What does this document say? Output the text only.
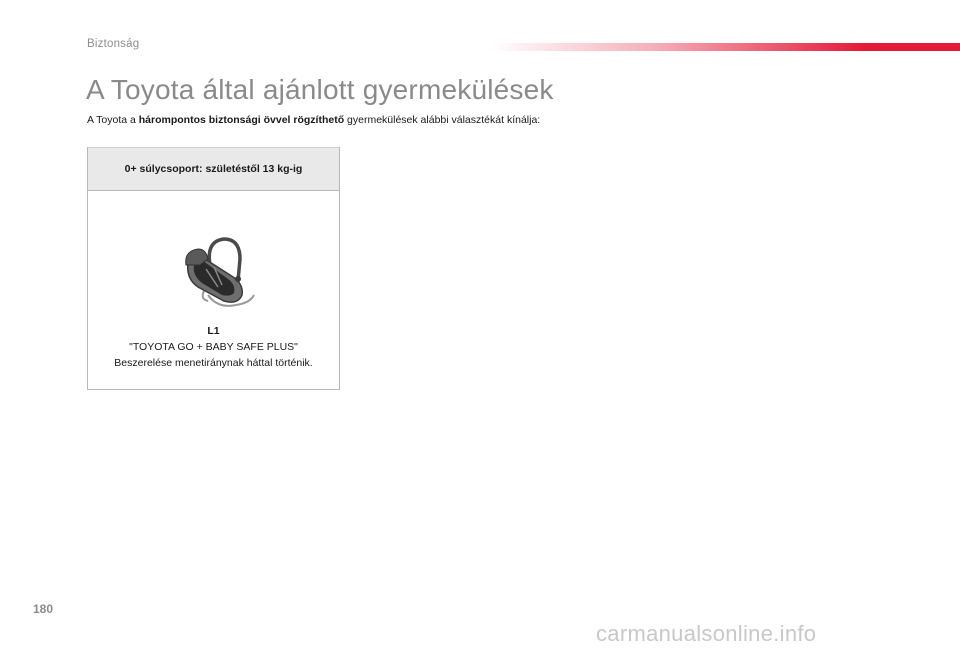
Biztonság
A Toyota által ajánlott gyermekülések

A Toyota a hárompontos biztonsági övvel rögzíthető gyermekülések alábbi választékát kínálja:

0+ súlycsoport: születéstől 13 kg-ig
L1
"TOYOTA GO + BABY SAFE PLUS"
Beszerelése menetiránynak háttal történik.
180
carmanualsonline.info
